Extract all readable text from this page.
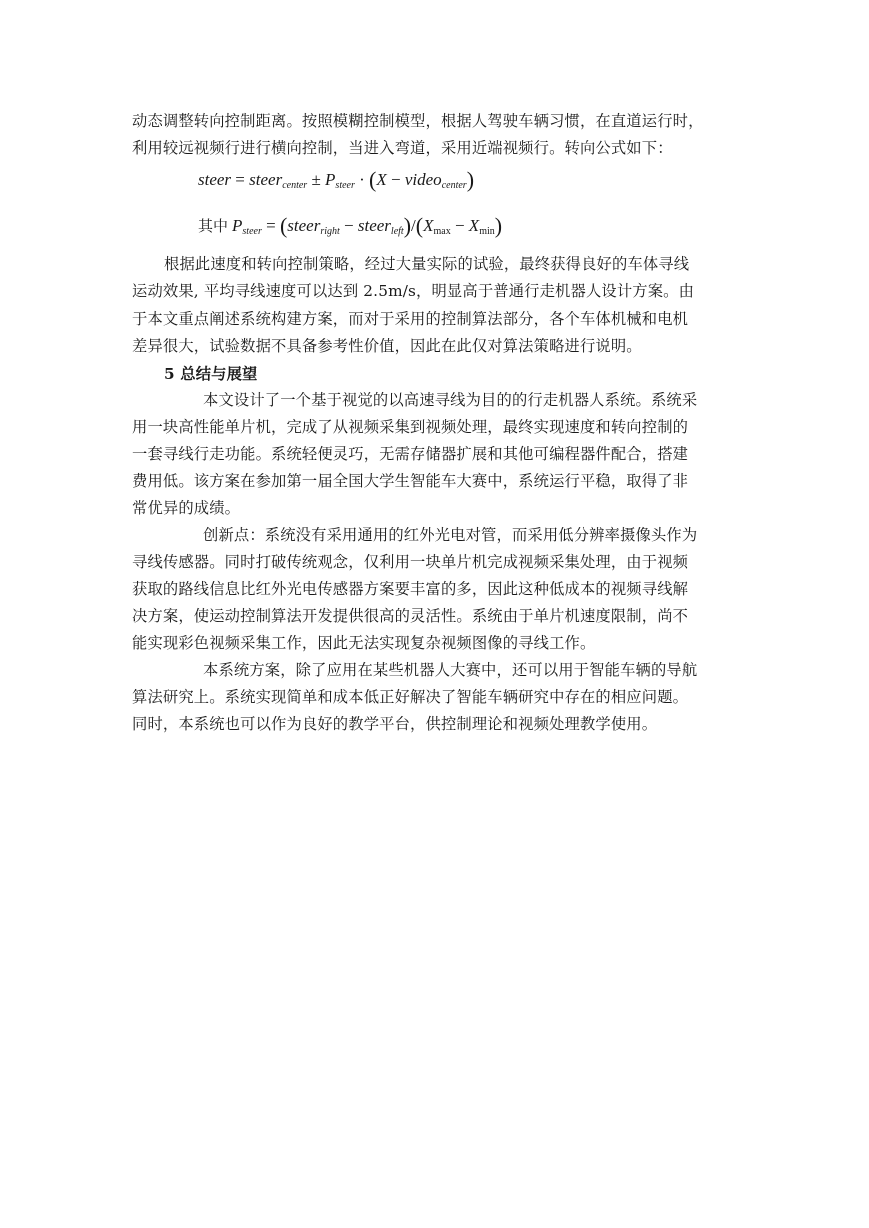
动态调整转向控制距离。按照模糊控制模型，根据人驾驶车辆习惯，在直道运行时，

利用较远视频行进行横向控制，当进入弯道，采用近端视频行。转向公式如下：

steer = steer$_{center}$ ± $P_{steer} \cdot (X$ − video$_{center}$)
其中 $P_{steer}$ = (steer$_{right}$ − $steer_{left})/(X_{max} - X_{min})$

根据此速度和转向控制策略，经过大量实际的试验，最终获得良好的车体寻线

运动效果, 平均寻线速度可以达到 2.5m/s，明显高于普通行走机器人设计方案。由

于本文重点阐述系统构建方案，而对于采用的控制算法部分，各个车体机械和电机

差异很大，试验数据不具备参考性价值，因此在此仅对算法策略进行说明。

5 总结与展望

本文设计了一个基于视觉的以高速寻线为目的的行走机器人系统。系统采

用一块高性能单片机，完成了从视频采集到视频处理，最终实现速度和转向控制的

一套寻线行走功能。系统轻便灵巧，无需存储器扩展和其他可编程器件配合，搭建

费用低。该方案在参加第一届全国大学生智能车大赛中，系统运行平稳，取得了非

常优异的成绩。

创新点：系统没有采用通用的红外光电对管，而采用低分辨率摄像头作为

寻线传感器。同时打破传统观念，仅利用一块单片机完成视频采集处理，由于视频

获取的路线信息比红外光电传感器方案要丰富的多，因此这种低成本的视频寻线解

决方案，使运动控制算法开发提供很高的灵活性。系统由于单片机速度限制，尚不

能实现彩色视频采集工作，因此无法实现复杂视频图像的寻线工作。

本系统方案，除了应用在某些机器人大赛中，还可以用于智能车辆的导航

算法研究上。系统实现简单和成本低正好解决了智能车辆研究中存在的相应问题。

同时，本系统也可以作为良好的教学平台，供控制理论和视频处理教学使用。
